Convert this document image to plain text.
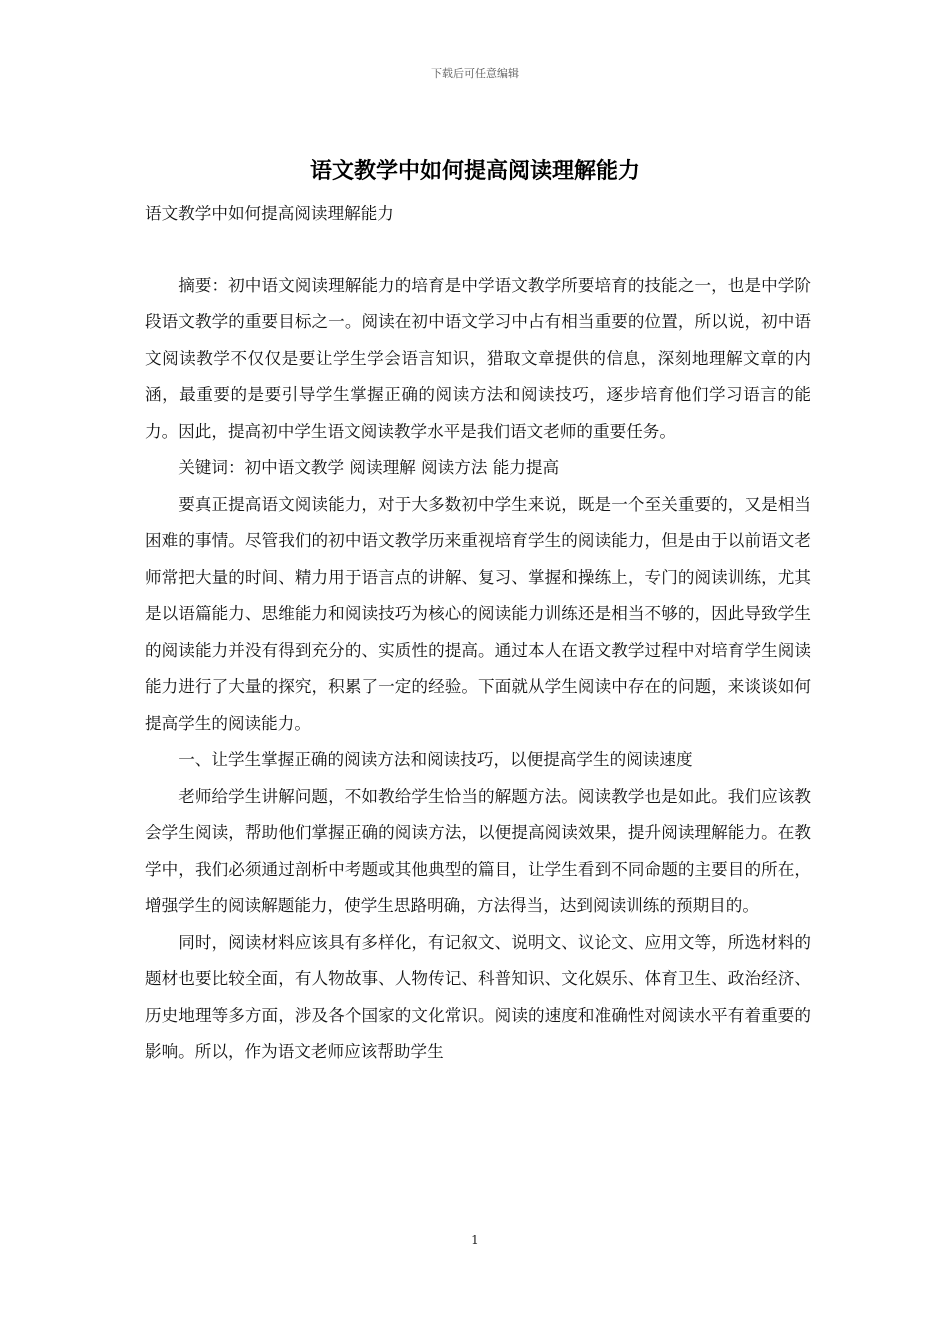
下载后可任意编辑
语文教学中如何提高阅读理解能力

语文教学中如何提高阅读理解能力

摘要：初中语文阅读理解能力的培育是中学语文教学所要培育的技能之一，也是中学阶段语文教学的重要目标之一。阅读在初中语文学习中占有相当重要的位置，所以说，初中语文阅读教学不仅仅是要让学生学会语言知识，猎取文章提供的信息，深刻地理解文章的内涵，最重要的是要引导学生掌握正确的阅读方法和阅读技巧，逐步培育他们学习语言的能力。因此，提高初中学生语文阅读教学水平是我们语文老师的重要任务。

关键词：初中语文教学 阅读理解 阅读方法 能力提高

要真正提高语文阅读能力，对于大多数初中学生来说，既是一个至关重要的，又是相当困难的事情。尽管我们的初中语文教学历来重视培育学生的阅读能力，但是由于以前语文老师常把大量的时间、精力用于语言点的讲解、复习、掌握和操练上，专门的阅读训练，尤其是以语篇能力、思维能力和阅读技巧为核心的阅读能力训练还是相当不够的，因此导致学生的阅读能力并没有得到充分的、实质性的提高。通过本人在语文教学过程中对培育学生阅读能力进行了大量的探究，积累了一定的经验。下面就从学生阅读中存在的问题，来谈谈如何提高学生的阅读能力。

一、让学生掌握正确的阅读方法和阅读技巧，以便提高学生的阅读速度

老师给学生讲解问题，不如教给学生恰当的解题方法。阅读教学也是如此。我们应该教会学生阅读，帮助他们掌握正确的阅读方法，以便提高阅读效果，提升阅读理解能力。在教学中，我们必须通过剖析中考题或其他典型的篇目，让学生看到不同命题的主要目的所在，增强学生的阅读解题能力，使学生思路明确，方法得当，达到阅读训练的预期目的。

同时，阅读材料应该具有多样化，有记叙文、说明文、议论文、应用文等，所选材料的题材也要比较全面，有人物故事、人物传记、科普知识、文化娱乐、体育卫生、政治经济、历史地理等多方面，涉及各个国家的文化常识。阅读的速度和准确性对阅读水平有着重要的影响。所以，作为语文老师应该帮助学生

1
